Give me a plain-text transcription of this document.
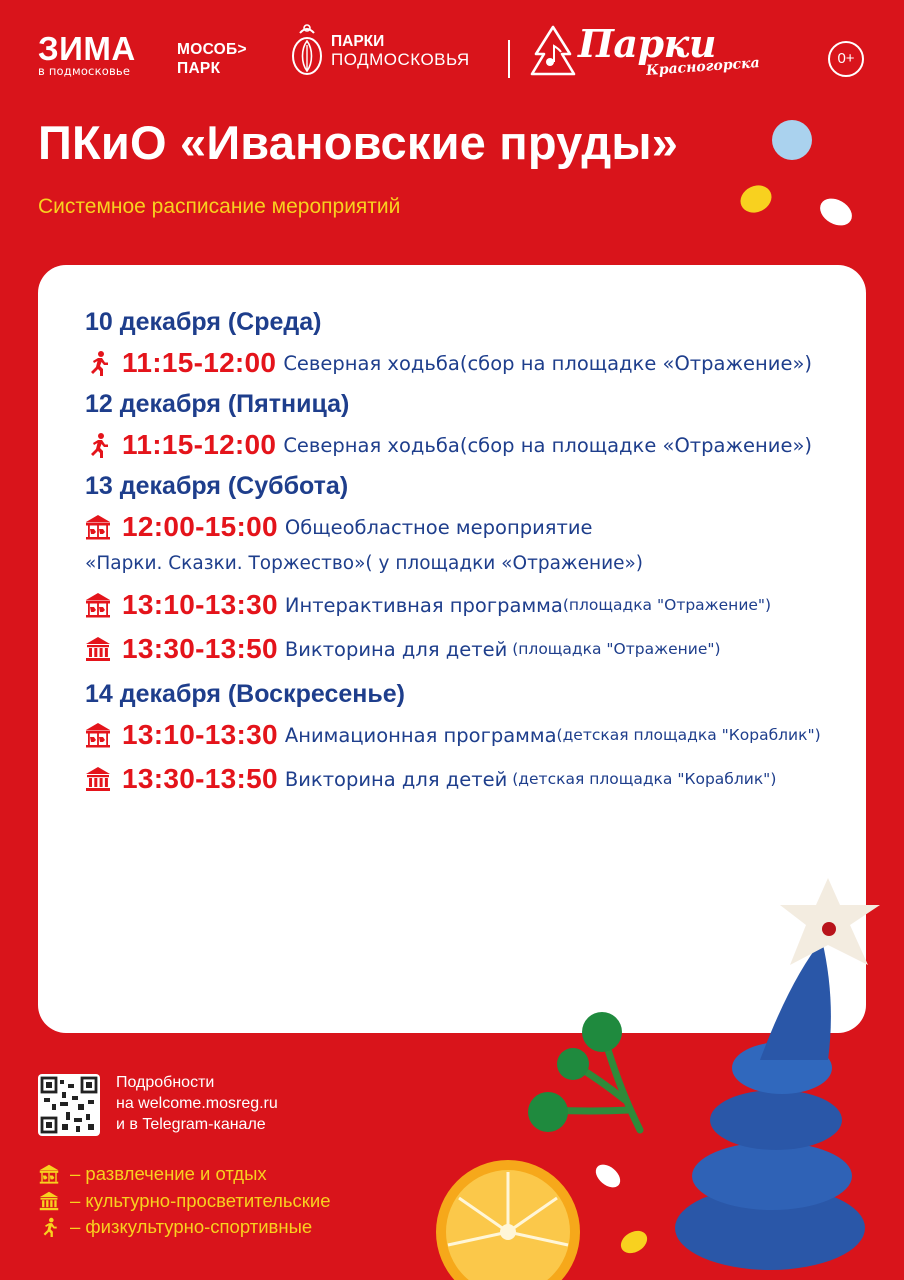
ЗИМА
в подмосковье
МОСОБ>
ПАРК
ПАРКИ
ПОДМОСКОВЬЯ	Парки
Красногорска	0+
ПКиО «Ивановские пруды»
Системное расписание мероприятий
10 декабря (Среда)
11:15-12:00 Северная ходьба (сбор на площадке «Отражение»)
12 декабря (Пятница)
11:15-12:00 Северная ходьба (сбор на площадке «Отражение»)
13 декабря (Суббота)
12:00-15:00 Общеобластное мероприятие
«Парки. Сказки. Торжество»( у площадки «Отражение»)
13:10-13:30 Интерактивная программа (площадка "Отражение")
13:30-13:50 Викторина для детей (площадка "Отражение")
14 декабря (Воскресенье)
13:10-13:30 Анимационная программа (детская площадка "Кораблик")
13:30-13:50 Викторина для детей (детская площадка "Кораблик")
Подробности
на welcome.mosreg.ru
и в Telegram-канале
– развлечение и отдых
– культурно-просветительские
– физкультурно-спортивные
